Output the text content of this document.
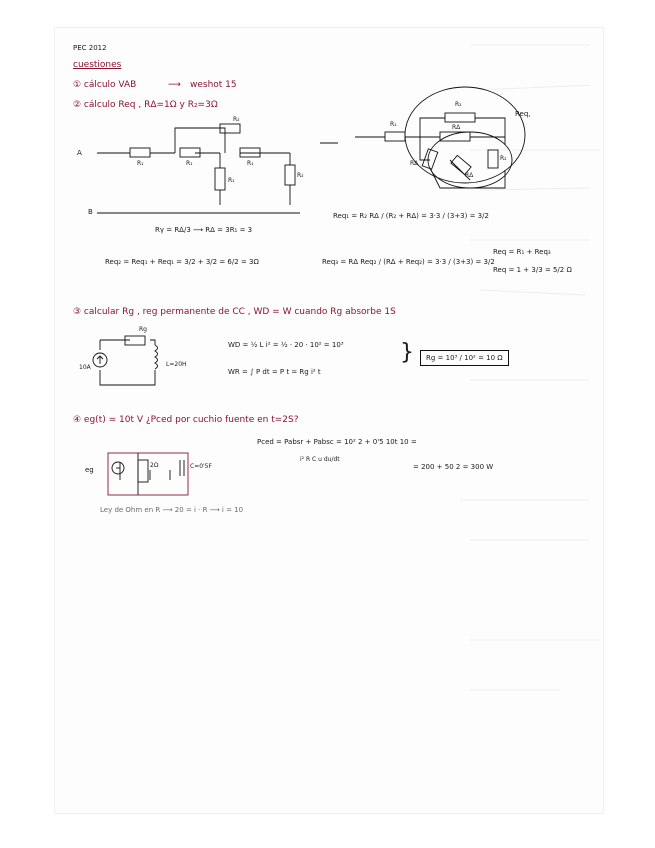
PEC 2012
cuestiones
① cálculo VAB	⟶ weshot 15
② cálculo Req , RΔ=1Ω y R₂=3Ω
A
B
R₁	R₁	R₁
R₂
R₁
R₂
R₁
R₂
RΔ
RΔ
RΔ
R₂
Req,
Rγ = RΔ/3 ⟶ RΔ = 3R₁ = 3
Req₁ = R₂ RΔ / (R₂ + RΔ) = 3·3 / (3+3) = 3/2
Req₂ = Req₁ + Req₁ = 3/2 + 3/2 = 6/2 = 3Ω	Req₃ = RΔ Req₂ / (RΔ + Req₂) = 3·3 / (3+3) = 3/2
Req = R₁ + Req₃
Req = 1 + 3/3 = 5/2 Ω
③ calcular Rg , reg permanente de CC , WD = W cuando Rg absorbe 1S
Rg
10A	L=20H
WD = ½ L i² = ½ · 20 · 10² = 10³
WR = ∫ P dt = P t = Rg i² t
}	Rg = 10³ / 10² = 10 Ω
④ eg(t) = 10t V ¿Pced por cuchio fuente en t=2S?
eg
2Ω	C=0'5F
Pced = Pabsr + Pabsc = 10² 2 + 0'5 10t 10 =
i² R C u du/dt
= 200 + 50 2 = 300 W
Ley de Ohm en R ⟶ 20 = i · R ⟶ i = 10
